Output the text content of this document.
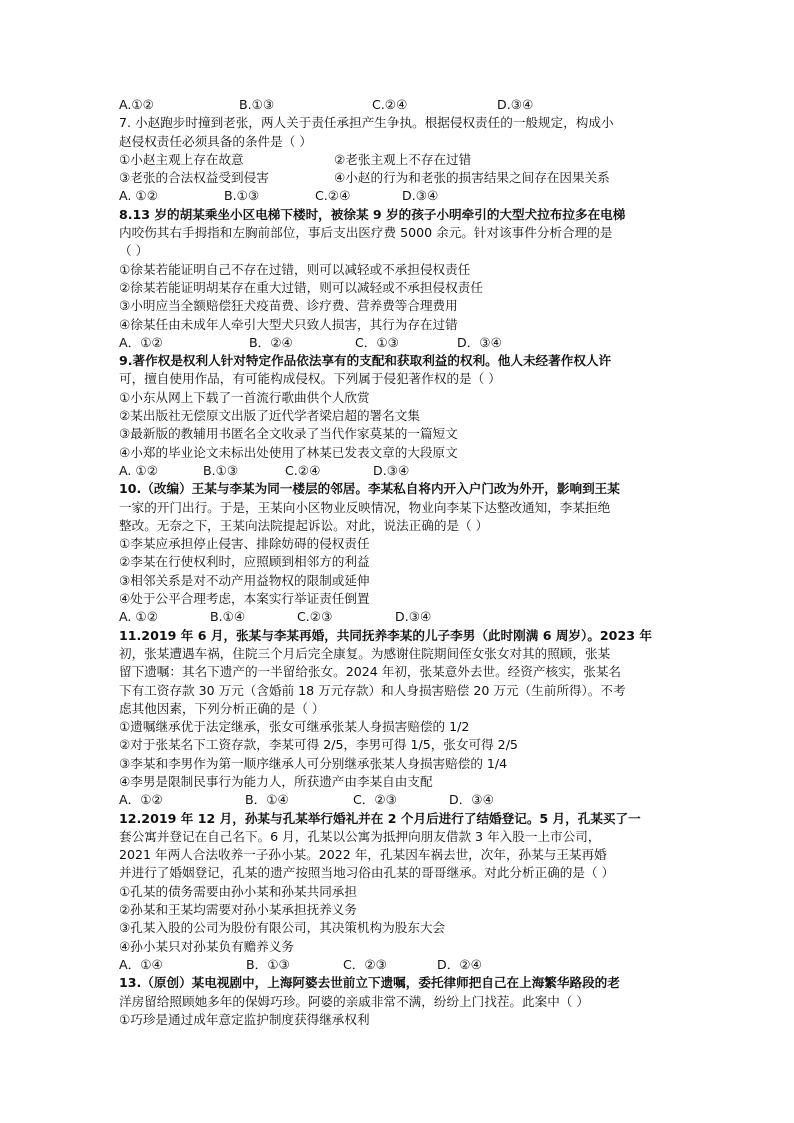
A.①②	B.①③	C.②④	D.③④
7. 小赵跑步时撞到老张，两人关于责任承担产生争执。根据侵权责任的一般规定，构成小
赵侵权责任必须具备的条件是（ ）
①小赵主观上存在故意	②老张主观上不存在过错
③老张的合法权益受到侵害	④小赵的行为和老张的损害结果之间存在因果关系
A. ①②	B.①③	C.②④	D.③④
8.13 岁的胡某乘坐小区电梯下楼时，被徐某 9 岁的孩子小明牵引的大型犬拉布拉多在电梯
内咬伤其右手拇指和左胸前部位，事后支出医疗费 5000 余元。针对该事件分析合理的是
（ ）
①徐某若能证明自己不存在过错，则可以减轻或不承担侵权责任
②徐某若能证明胡某存在重大过错，则可以减轻或不承担侵权责任
③小明应当全额赔偿狂犬疫苗费、诊疗费、营养费等合理费用
④徐某任由未成年人牵引大型犬只致人损害，其行为存在过错
A．①②	B．②④	C．①③	D．③④
9.著作权是权利人针对特定作品依法享有的支配和获取利益的权利。他人未经著作权人许
可，擅自使用作品，有可能构成侵权。下列属于侵犯著作权的是（ ）
①小东从网上下载了一首流行歌曲供个人欣赏
②某出版社无偿原文出版了近代学者梁启超的署名文集
③最新版的教辅用书匿名全文收录了当代作家莫某的一篇短文
④小郑的毕业论文未标出处使用了林某已发表文章的大段原文
A. ①②	B.①③	C.②④	D.③④
10.（改编）王某与李某为同一楼层的邻居。李某私自将内开入户门改为外开，影响到王某
一家的开门出行。于是，王某向小区物业反映情况，物业向李某下达整改通知，李某拒绝
整改。无奈之下，王某向法院提起诉讼。对此，说法正确的是（ ）
①李某应承担停止侵害、排除妨碍的侵权责任
②李某在行使权利时，应照顾到相邻方的利益
③相邻关系是对不动产用益物权的限制或延伸
④处于公平合理考虑，本案实行举证责任倒置
A. ①②	B.①④	C.②③	D.③④
11.2019 年 6 月，张某与李某再婚，共同抚养李某的儿子李男（此时刚满 6 周岁）。2023 年
初，张某遭遇车祸，住院三个月后完全康复。为感谢住院期间侄女张女对其的照顾，张某
留下遗嘱：其名下遗产的一半留给张女。2024 年初，张某意外去世。经资产核实，张某名
下有工资存款 30 万元（含婚前 18 万元存款）和人身损害赔偿 20 万元（生前所得）。不考
虑其他因素，下列分析正确的是（ ）
①遗嘱继承优于法定继承，张女可继承张某人身损害赔偿的 1/2
②对于张某名下工资存款，李某可得 2/5，李男可得 1/5，张女可得 2/5
③李某和李男作为第一顺序继承人可分别继承张某人身损害赔偿的 1/4
④李男是限制民事行为能力人，所获遗产由李某自由支配
A．①②	B．①④	C．②③	D．③④
12.2019 年 12 月，孙某与孔某举行婚礼并在 2 个月后进行了结婚登记。5 月，孔某买了一
套公寓并登记在自己名下。6 月，孔某以公寓为抵押向朋友借款 3 年入股一上市公司，
2021 年两人合法收养一子孙小某。2022 年，孔某因车祸去世，次年，孙某与王某再婚
并进行了婚姻登记，孔某的遗产按照当地习俗由孔某的哥哥继承。对此分析正确的是（ ）
①孔某的债务需要由孙小某和孙某共同承担
②孙某和王某均需要对孙小某承担抚养义务
③孔某入股的公司为股份有限公司，其决策机构为股东大会
④孙小某只对孙某负有赡养义务
A．①④	B．①③	C．②③	D．②④
13.（原创）某电视剧中，上海阿婆去世前立下遗嘱，委托律师把自己在上海繁华路段的老
洋房留给照顾她多年的保姆巧珍。阿婆的亲戚非常不满，纷纷上门找茬。此案中（ ）
①巧珍是通过成年意定监护制度获得继承权利
